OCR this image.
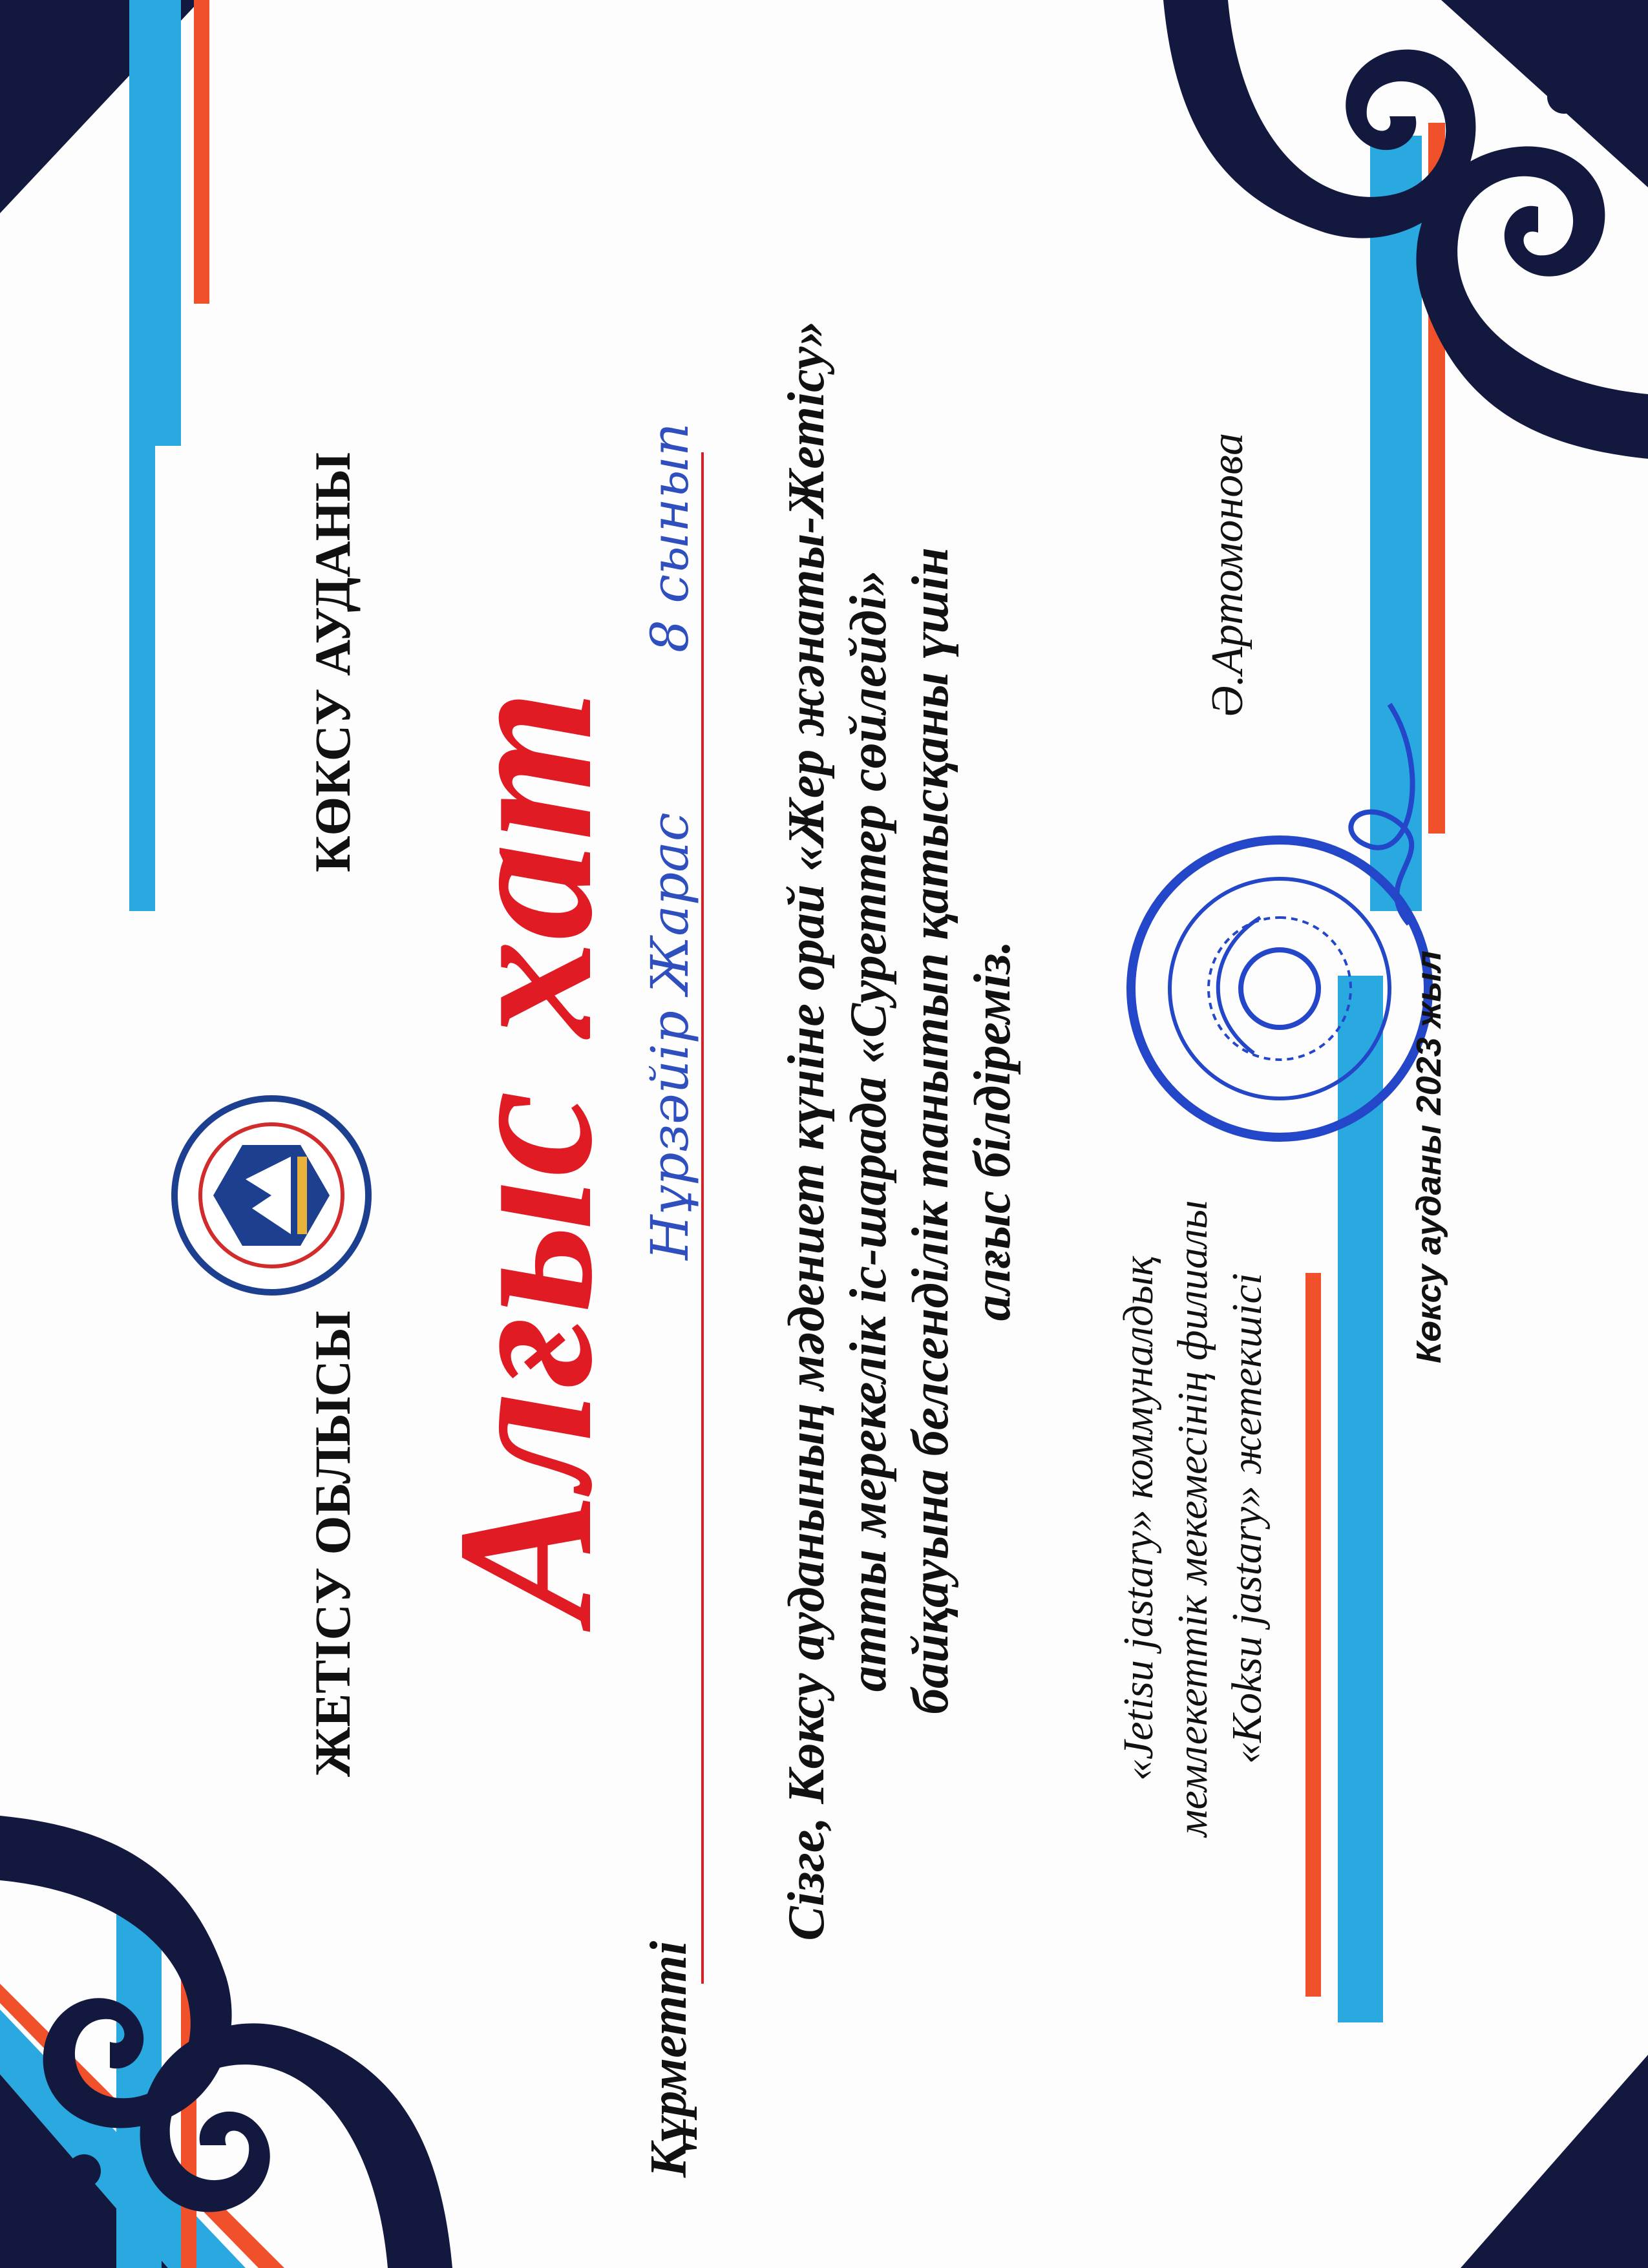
ЖЕТІСУ ОБЛЫСЫ
КӨКСУ АУДАНЫ
Алғыс хат
Құрметті
Нұрзәйір Жарас
8 сынып Сізге, Көксу ауданының мәдениет күніне орай «Жер жәнаты-Жетісу» атты мерекелік іс-шарада «Суреттер сөйлейді» байқауына белсенділік танытып қатысқаны үшін алғыс білдіреміз.
«Jetisu jastary» коммуналдық мемлекеттік мекемесінің филиалы «Koksu jastary» жетекшісі
Ә.Артомонова
Көксу ауданы 2023 жыл
